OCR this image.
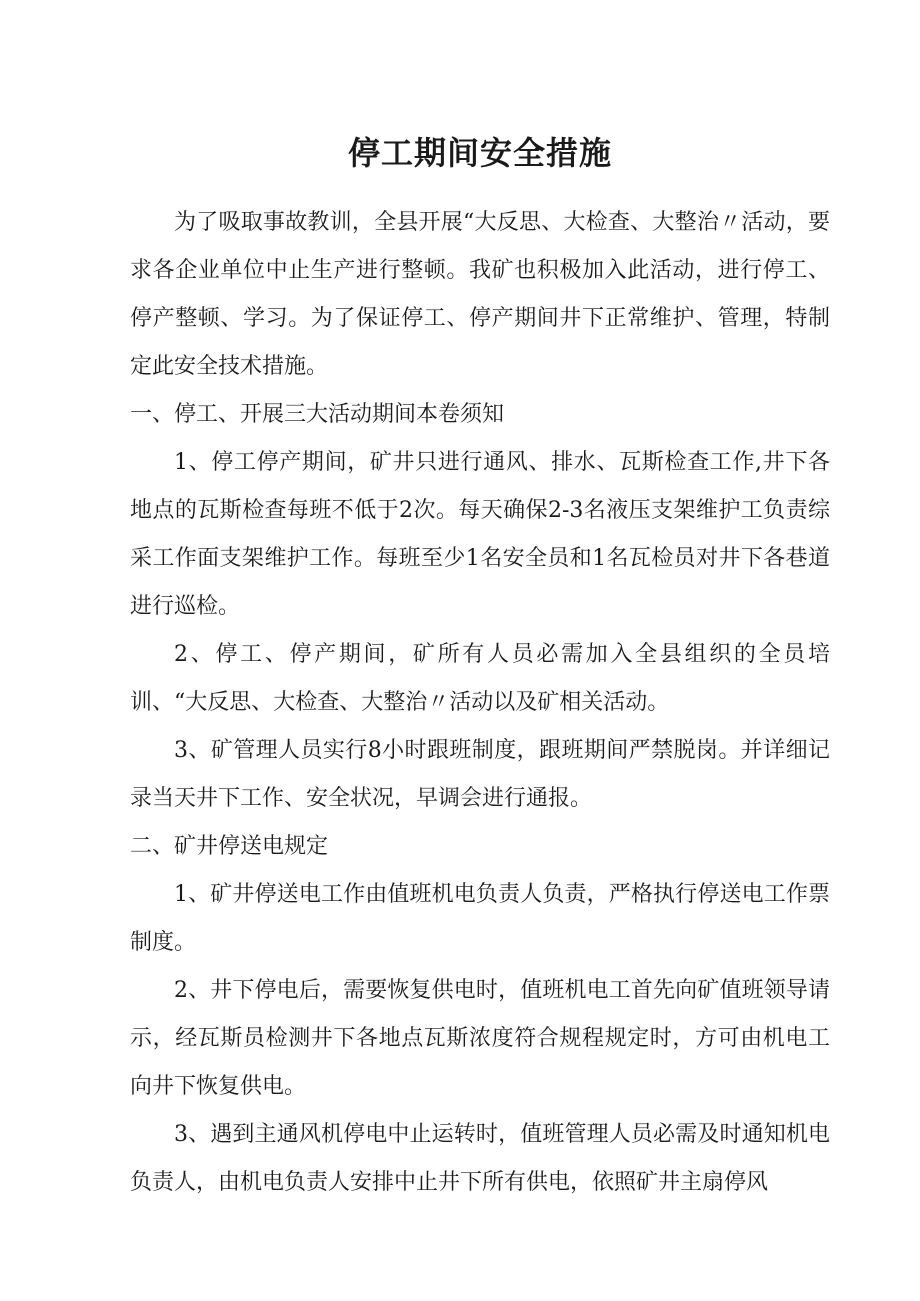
停工期间安全措施

为了吸取事故教训，全县开展“大反思、大检查、大整治〃活动，要求各企业单位中止生产进行整顿。我矿也积极加入此活动，进行停工、停产整顿、学习。为了保证停工、停产期间井下正常维护、管理，特制定此安全技术措施。

一、停工、开展三大活动期间本卷须知

1、停工停产期间，矿井只进行通风、排水、瓦斯检查工作,井下各地点的瓦斯检查每班不低于2次。每天确保2-3名液压支架维护工负责综采工作面支架维护工作。每班至少1名安全员和1名瓦检员对井下各巷道进行巡检。

2、停工、停产期间，矿所有人员必需加入全县组织的全员培训、“大反思、大检查、大整治〃活动以及矿相关活动。

3、矿管理人员实行8小时跟班制度，跟班期间严禁脱岗。并详细记录当天井下工作、安全状况，早调会进行通报。

二、矿井停送电规定

1、矿井停送电工作由值班机电负责人负责，严格执行停送电工作票制度。

2、井下停电后，需要恢复供电时，值班机电工首先向矿值班领导请示，经瓦斯员检测井下各地点瓦斯浓度符合规程规定时，方可由机电工向井下恢复供电。

3、遇到主通风机停电中止运转时，值班管理人员必需及时通知机电负责人，由机电负责人安排中止井下所有供电，依照矿井主扇停风
